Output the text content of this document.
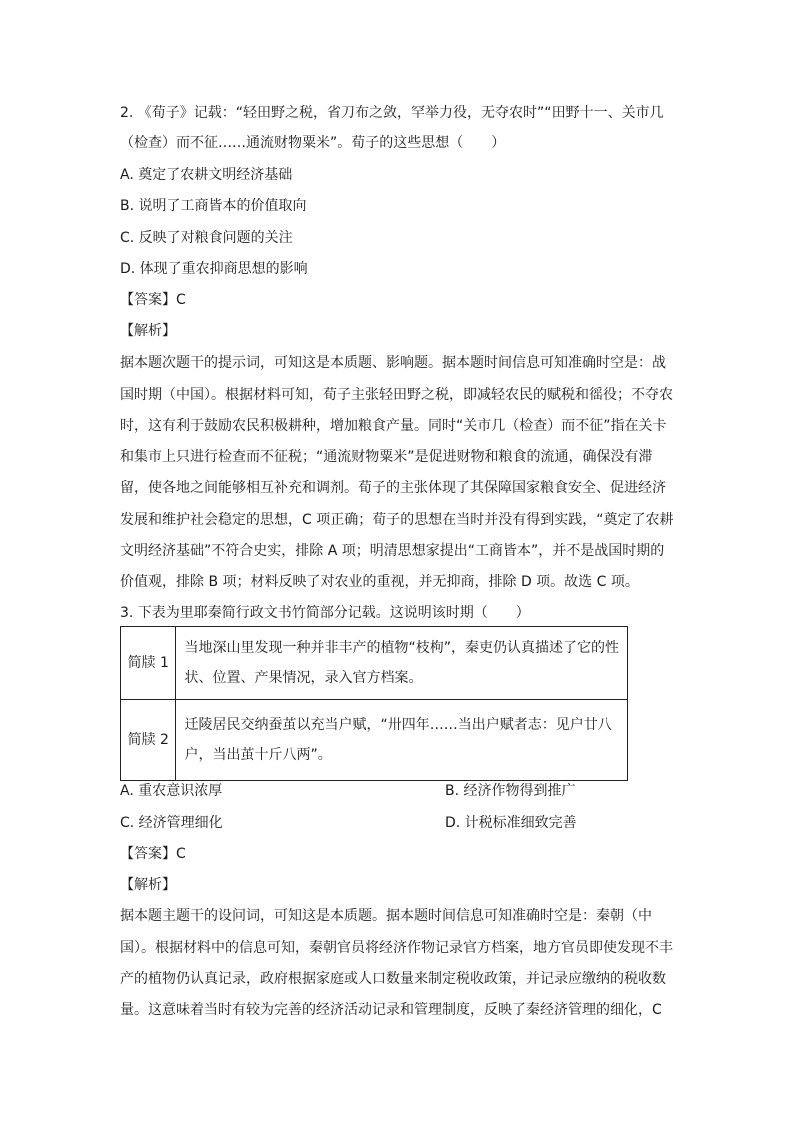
2. 《荀子》记载：“轻田野之税，省刀布之敛，罕举力役，无夺农时”“田野十一、关市几
（检查）而不征……通流财物粟米”。荀子的这些思想（　　）
A. 奠定了农耕文明经济基础
B. 说明了工商皆本的价值取向
C. 反映了对粮食问题的关注
D. 体现了重农抑商思想的影响
【答案】C
【解析】
据本题次题干的提示词，可知这是本质题、影响题。据本题时间信息可知准确时空是：战
国时期（中国）。根据材料可知，荀子主张轻田野之税，即减轻农民的赋税和徭役；不夺农
时，这有利于鼓励农民积极耕种，增加粮食产量。同时“关市几（检查）而不征”指在关卡
和集市上只进行检查而不征税；“通流财物粟米”是促进财物和粮食的流通，确保没有滞
留，使各地之间能够相互补充和调剂。荀子的主张体现了其保障国家粮食安全、促进经济
发展和维护社会稳定的思想，C 项正确；荀子的思想在当时并没有得到实践，“奠定了农耕
文明经济基础”不符合史实，排除 A 项；明清思想家提出“工商皆本”，并不是战国时期的
价值观，排除 B 项；材料反映了对农业的重视，并无抑商，排除 D 项。故选 C 项。
3. 下表为里耶秦简行政文书竹简部分记载。这说明该时期（　　）
简牍 1	当地深山里发现一种并非丰产的植物“枝枸”，秦吏仍认真描述了它的性
状、位置、产果情况，录入官方档案。

简牍 2	迁陵居民交纳蚕茧以充当户赋，“卅四年……当出户赋者志：见户廿八
户，当出茧十斤八两”。
A. 重农意识浓厚	B. 经济作物得到推广
C. 经济管理细化	D. 计税标准细致完善
【答案】C
【解析】
据本题主题干的设问词，可知这是本质题。据本题时间信息可知准确时空是：秦朝（中
国）。根据材料中的信息可知，秦朝官员将经济作物记录官方档案，地方官员即使发现不丰
产的植物仍认真记录，政府根据家庭或人口数量来制定税收政策，并记录应缴纳的税收数
量。这意味着当时有较为完善的经济活动记录和管理制度，反映了秦经济管理的细化，C
